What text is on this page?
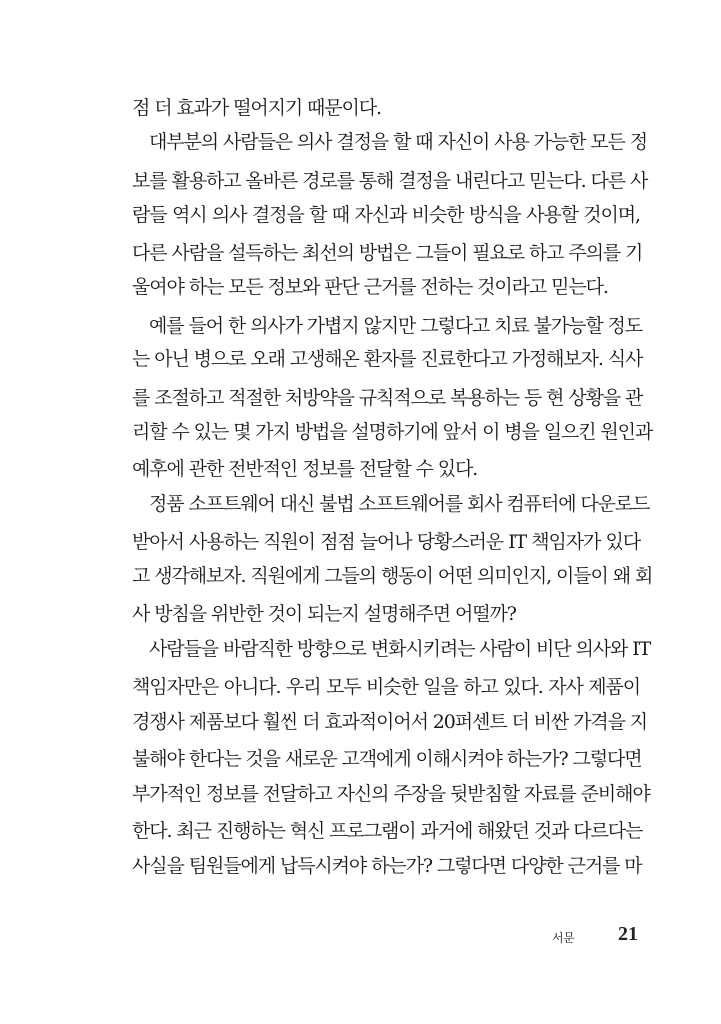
점 더 효과가 떨어지기 때문이다.
대부분의 사람들은 의사 결정을 할 때 자신이 사용 가능한 모든 정
보를 활용하고 올바른 경로를 통해 결정을 내린다고 믿는다. 다른 사
람들 역시 의사 결정을 할 때 자신과 비슷한 방식을 사용할 것이며,
다른 사람을 설득하는 최선의 방법은 그들이 필요로 하고 주의를 기
울여야 하는 모든 정보와 판단 근거를 전하는 것이라고 믿는다.
예를 들어 한 의사가 가볍지 않지만 그렇다고 치료 불가능할 정도
는 아닌 병으로 오래 고생해온 환자를 진료한다고 가정해보자. 식사
를 조절하고 적절한 처방약을 규칙적으로 복용하는 등 현 상황을 관
리할 수 있는 몇 가지 방법을 설명하기에 앞서 이 병을 일으킨 원인과
예후에 관한 전반적인 정보를 전달할 수 있다.
정품 소프트웨어 대신 불법 소프트웨어를 회사 컴퓨터에 다운로드
받아서 사용하는 직원이 점점 늘어나 당황스러운 IT 책임자가 있다
고 생각해보자. 직원에게 그들의 행동이 어떤 의미인지, 이들이 왜 회
사 방침을 위반한 것이 되는지 설명해주면 어떨까?
사람들을 바람직한 방향으로 변화시키려는 사람이 비단 의사와 IT
책임자만은 아니다. 우리 모두 비슷한 일을 하고 있다. 자사 제품이
경쟁사 제품보다 훨씬 더 효과적이어서 20퍼센트 더 비싼 가격을 지
불해야 한다는 것을 새로운 고객에게 이해시켜야 하는가? 그렇다면
부가적인 정보를 전달하고 자신의 주장을 뒷받침할 자료를 준비해야
한다. 최근 진행하는 혁신 프로그램이 과거에 해왔던 것과 다르다는
사실을 팀원들에게 납득시켜야 하는가? 그렇다면 다양한 근거를 마
서문 21
